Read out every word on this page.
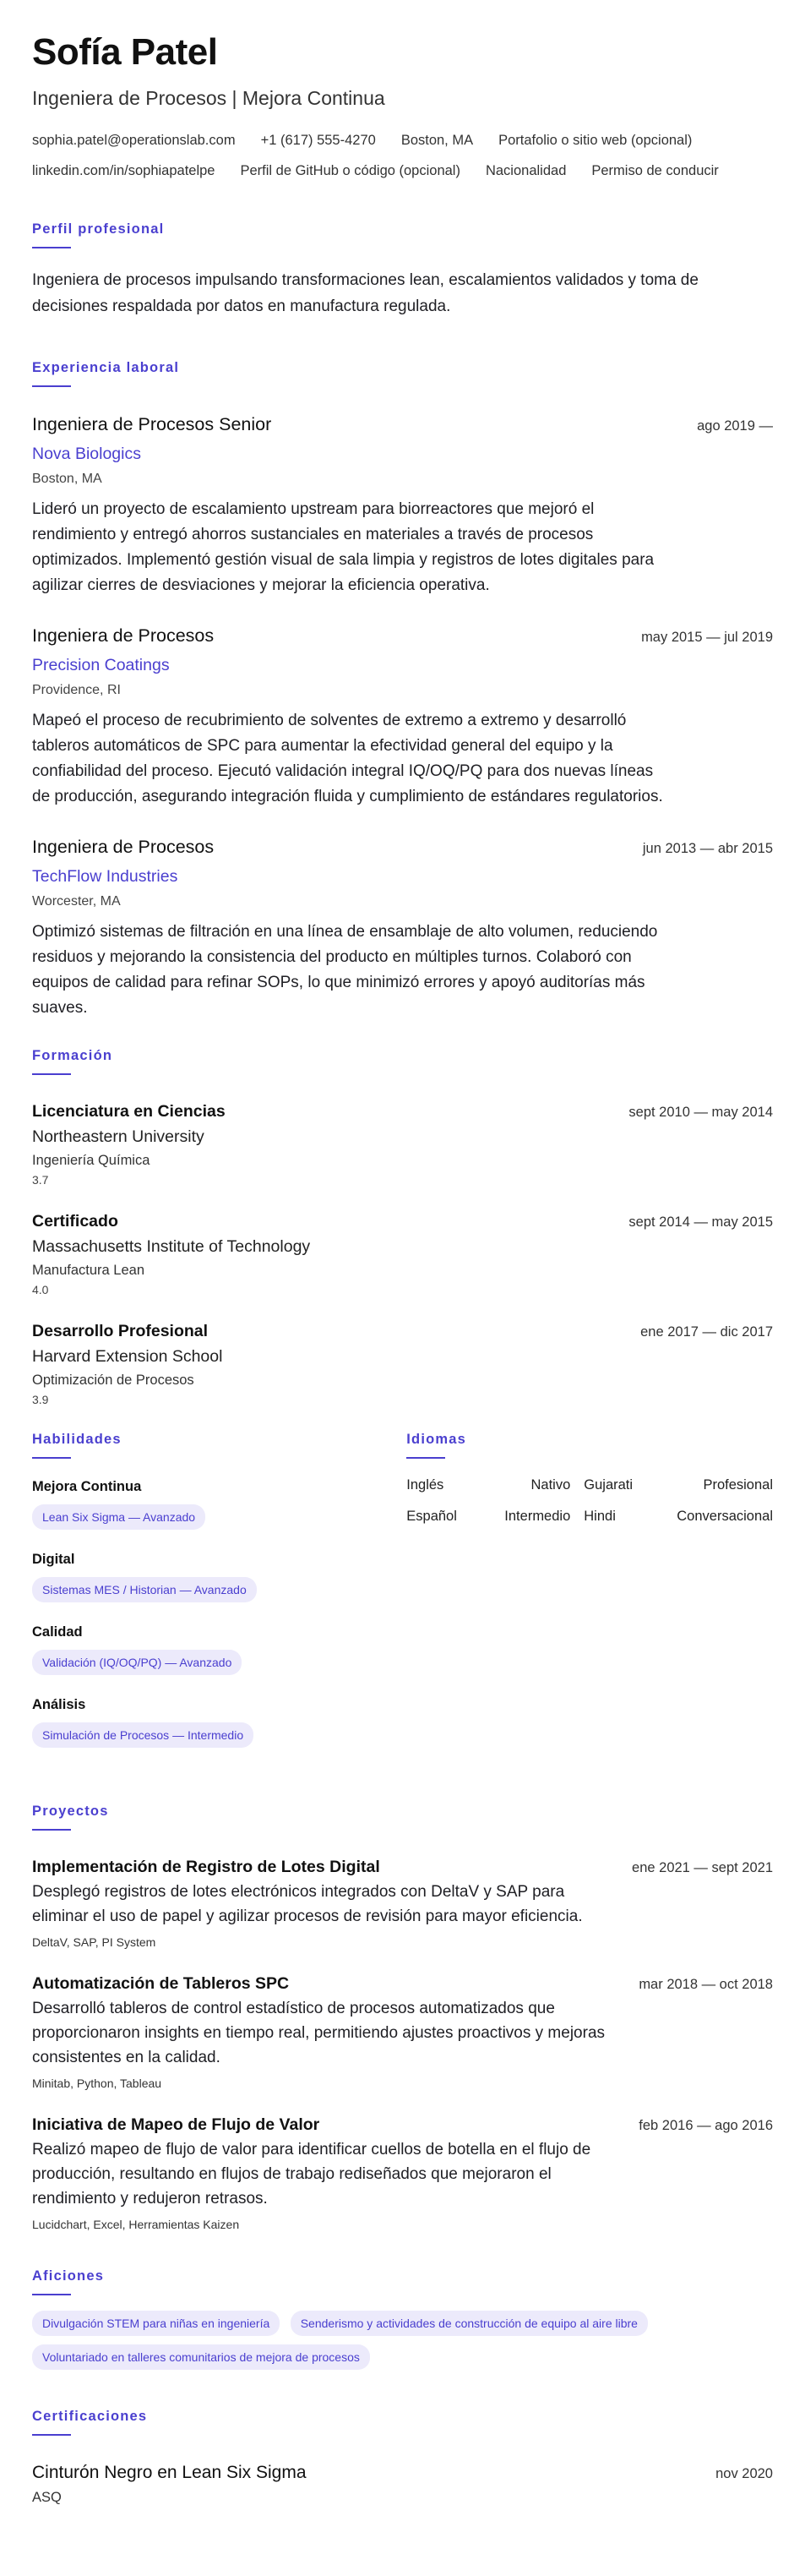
Sofía Patel
Ingeniera de Procesos | Mejora Continua
sophia.patel@operationslab.com +1 (617) 555-4270 Boston, MA Portafolio o sitio web (opcional)
linkedin.com/in/sophiapatelpe Perfil de GitHub o código (opcional) Nacionalidad Permiso de conducir
Perfil profesional

Ingeniera de procesos impulsando transformaciones lean, escalamientos validados y toma de decisiones respaldada por datos en manufactura regulada.

Experiencia laboral
Ingeniera de Procesos Senior	ago 2019 —
Nova Biologics
Boston, MA

Lideró un proyecto de escalamiento upstream para biorreactores que mejoró el rendimiento y entregó ahorros sustanciales en materiales a través de procesos optimizados. Implementó gestión visual de sala limpia y registros de lotes digitales para agilizar cierres de desviaciones y mejorar la eficiencia operativa.

Ingeniera de Procesos	may 2015 — jul 2019
Precision Coatings
Providence, RI

Mapeó el proceso de recubrimiento de solventes de extremo a extremo y desarrolló tableros automáticos de SPC para aumentar la efectividad general del equipo y la confiabilidad del proceso. Ejecutó validación integral IQ/OQ/PQ para dos nuevas líneas de producción, asegurando integración fluida y cumplimiento de estándares regulatorios.

Ingeniera de Procesos	jun 2013 — abr 2015
TechFlow Industries
Worcester, MA

Optimizó sistemas de filtración en una línea de ensamblaje de alto volumen, reduciendo residuos y mejorando la consistencia del producto en múltiples turnos. Colaboró con equipos de calidad para refinar SOPs, lo que minimizó errores y apoyó auditorías más suaves.

Formación
Licenciatura en Ciencias	sept 2010 — may 2014
Northeastern University
Ingeniería Química
3.7
Certificado	sept 2014 — may 2015
Massachusetts Institute of Technology
Manufactura Lean
4.0
Desarrollo Profesional	ene 2017 — dic 2017
Harvard Extension School
Optimización de Procesos
3.9
Habilidades
Mejora Continua
Lean Six Sigma — Avanzado
Digital
Sistemas MES / Historian — Avanzado
Calidad
Validación (IQ/OQ/PQ) — Avanzado
Análisis
Simulación de Procesos — Intermedio
Idiomas
Inglés	Nativo Gujarati	Profesional
Español	Intermedio Hindi	Conversacional
Proyectos
Implementación de Registro de Lotes Digital	ene 2021 — sept 2021

Desplegó registros de lotes electrónicos integrados con DeltaV y SAP para eliminar el uso de papel y agilizar procesos de revisión para mayor eficiencia.

DeltaV, SAP, PI System
Automatización de Tableros SPC	mar 2018 — oct 2018

Desarrolló tableros de control estadístico de procesos automatizados que proporcionaron insights en tiempo real, permitiendo ajustes proactivos y mejoras consistentes en la calidad.

Minitab, Python, Tableau
Iniciativa de Mapeo de Flujo de Valor	feb 2016 — ago 2016

Realizó mapeo de flujo de valor para identificar cuellos de botella en el flujo de producción, resultando en flujos de trabajo rediseñados que mejoraron el rendimiento y redujeron retrasos.

Lucidchart, Excel, Herramientas Kaizen
Aficiones
Divulgación STEM para niñas en ingeniería	Senderismo y actividades de construcción de equipo al aire libre Voluntariado en talleres comunitarios de mejora de procesos
Certificaciones
Cinturón Negro en Lean Six Sigma	nov 2020
ASQ
